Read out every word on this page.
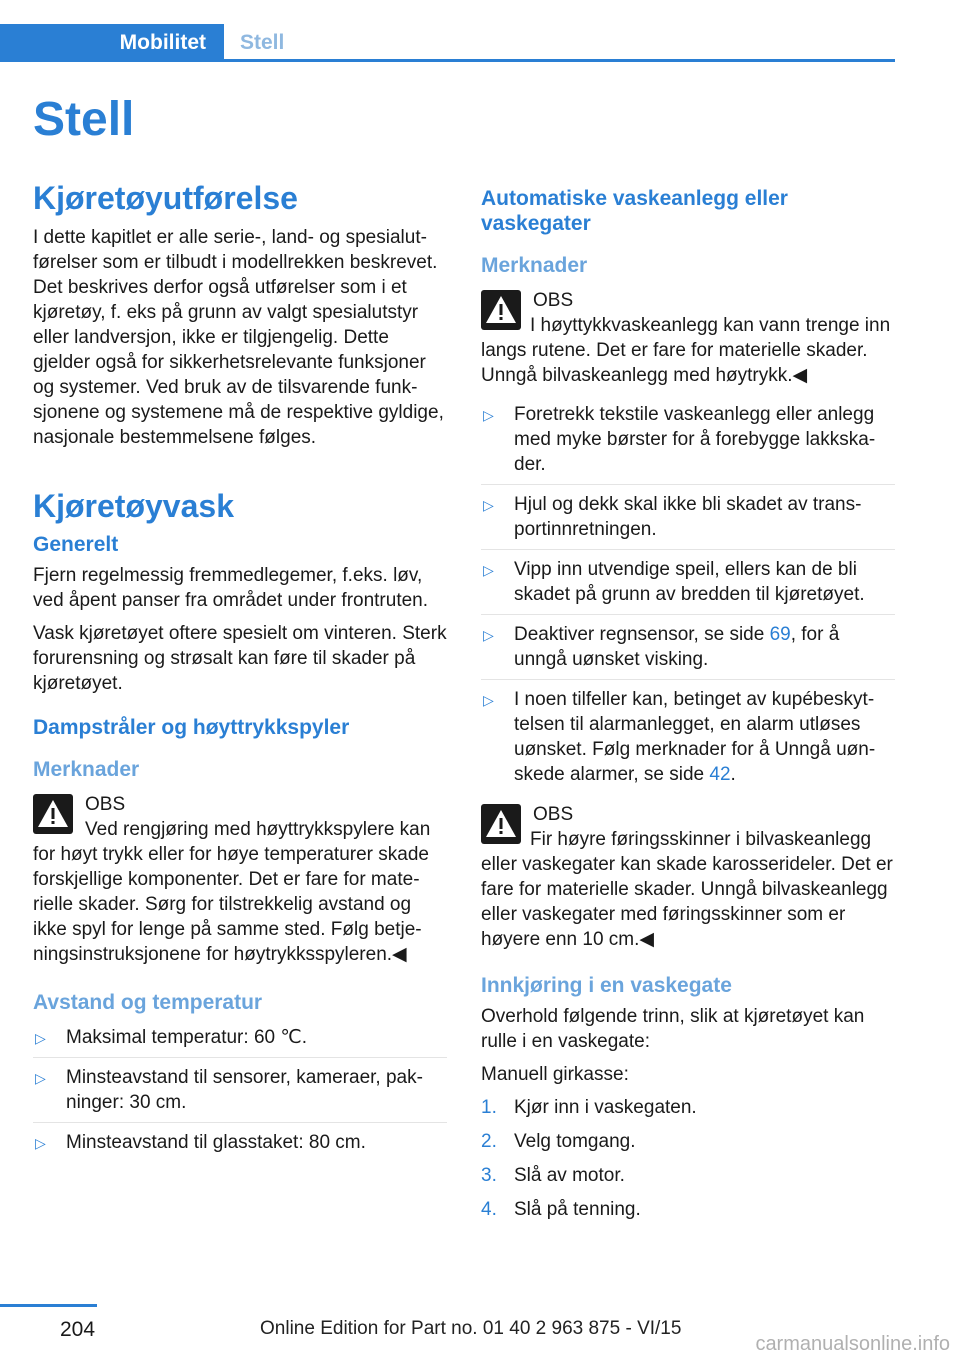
Mobilitet	Stell
Stell
Kjøretøyutførelse

I dette kapitlet er alle serie-, land- og spesialutførelser som er tilbudt i modellrekken beskrevet. Det beskrives derfor også utførelser som i et kjøretøy, f. eks på grunn av valgt spesialutstyr eller landversjon, ikke er tilgjengelig. Dette gjelder også for sikkerhetsrelevante funksjoner og systemer. Ved bruk av de tilsvarende funksjonene og systemene må de respektive gyldige, nasjonale bestemmelsene følges.

Kjøretøyvask
Generelt

Fjern regelmessig fremmedlegemer, f.eks. løv, ved åpent panser fra området under frontruten.

Vask kjøretøyet oftere spesielt om vinteren. Sterk forurensning og strøsalt kan føre til skader på kjøretøyet.

Dampstråler og høyttrykkspyler
Merknader
OBS
Ved rengjøring med høyttrykkspylere kan for høyt trykk eller for høye temperaturer skade forskjellige komponenter. Det er fare for materielle skader. Sørg for tilstrekkelig avstand og ikke spyl for lenge på samme sted. Følg betjeningsinstruksjonene for høytrykksspyleren.◀
Avstand og temperatur
▷ Maksimal temperatur: 60 ℃.
▷ Minsteavstand til sensorer, kameraer, pakninger: 30 cm.
▷ Minsteavstand til glasstaket: 80 cm.
Automatiske vaskeanlegg eller vaskegater
Merknader
OBS
I høyttykkvaskeanlegg kan vann trenge inn langs rutene. Det er fare for materielle skader. Unngå bilvaskeanlegg med høytrykk.◀
▷ Foretrekk tekstile vaskeanlegg eller anlegg med myke børster for å forebygge lakkskader.
▷ Hjul og dekk skal ikke bli skadet av transportinnretningen.
▷ Vipp inn utvendige speil, ellers kan de bli skadet på grunn av bredden til kjøretøyet.
▷ Deaktiver regnsensor, se side 69, for å unngå uønsket visking.
▷ I noen tilfeller kan, betinget av kupébeskyttelsen til alarmanlegget, en alarm utløses uønsket. Følg merknader for å Unngå uønskede alarmer, se side 42.
OBS
Fir høyre føringsskinner i bilvaskeanlegg eller vaskegater kan skade karosserideler. Det er fare for materielle skader. Unngå bilvaskeanlegg eller vaskegater med føringsskinner som er høyere enn 10 cm.◀
Innkjøring i en vaskegate

Overhold følgende trinn, slik at kjøretøyet kan rulle i en vaskegate:

Manuell girkasse:

1. Kjør inn i vaskegaten.
2. Velg tomgang.
3. Slå av motor.
4. Slå på tenning.
204	Online Edition for Part no. 01 40 2 963 875 - VI/15
carmanualsonline.info
